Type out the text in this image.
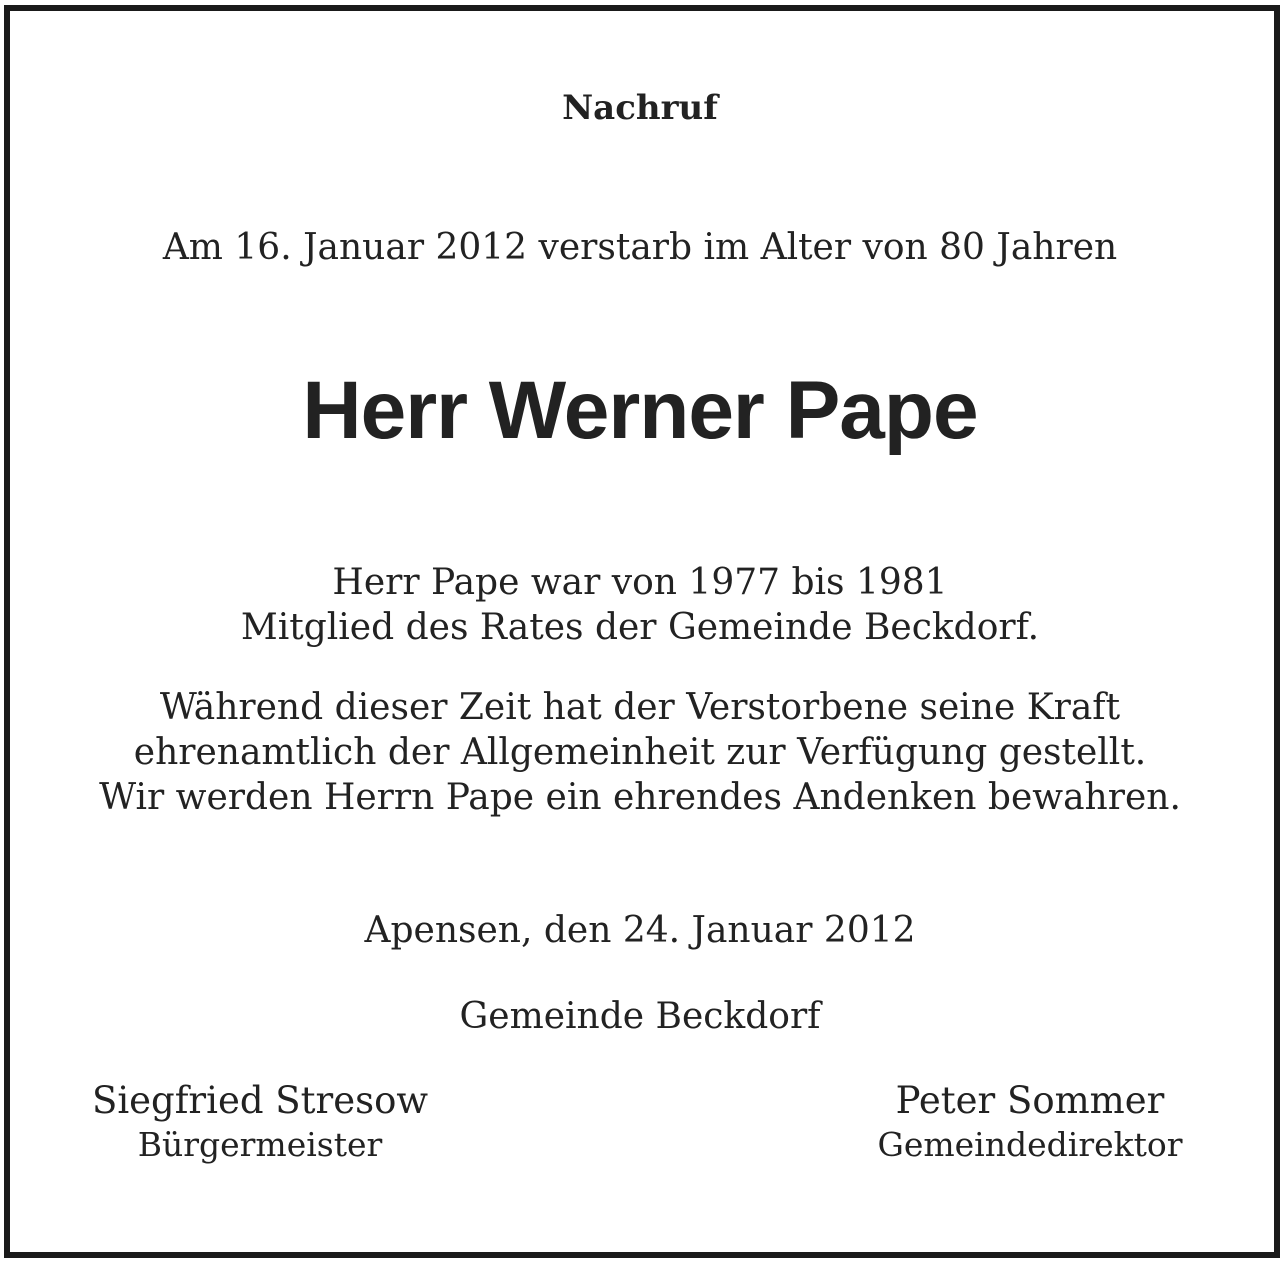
Nachruf
Am 16. Januar 2012 verstarb im Alter von 80 Jahren
Herr Werner Pape
Herr Pape war von 1977 bis 1981
Mitglied des Rates der Gemeinde Beckdorf.
Während dieser Zeit hat der Verstorbene seine Kraft
ehrenamtlich der Allgemeinheit zur Verfügung gestellt.
Wir werden Herrn Pape ein ehrendes Andenken bewahren.
Apensen, den 24. Januar 2012
Gemeinde Beckdorf
Siegfried Stresow
Bürgermeister
Peter Sommer
Gemeindedirektor
